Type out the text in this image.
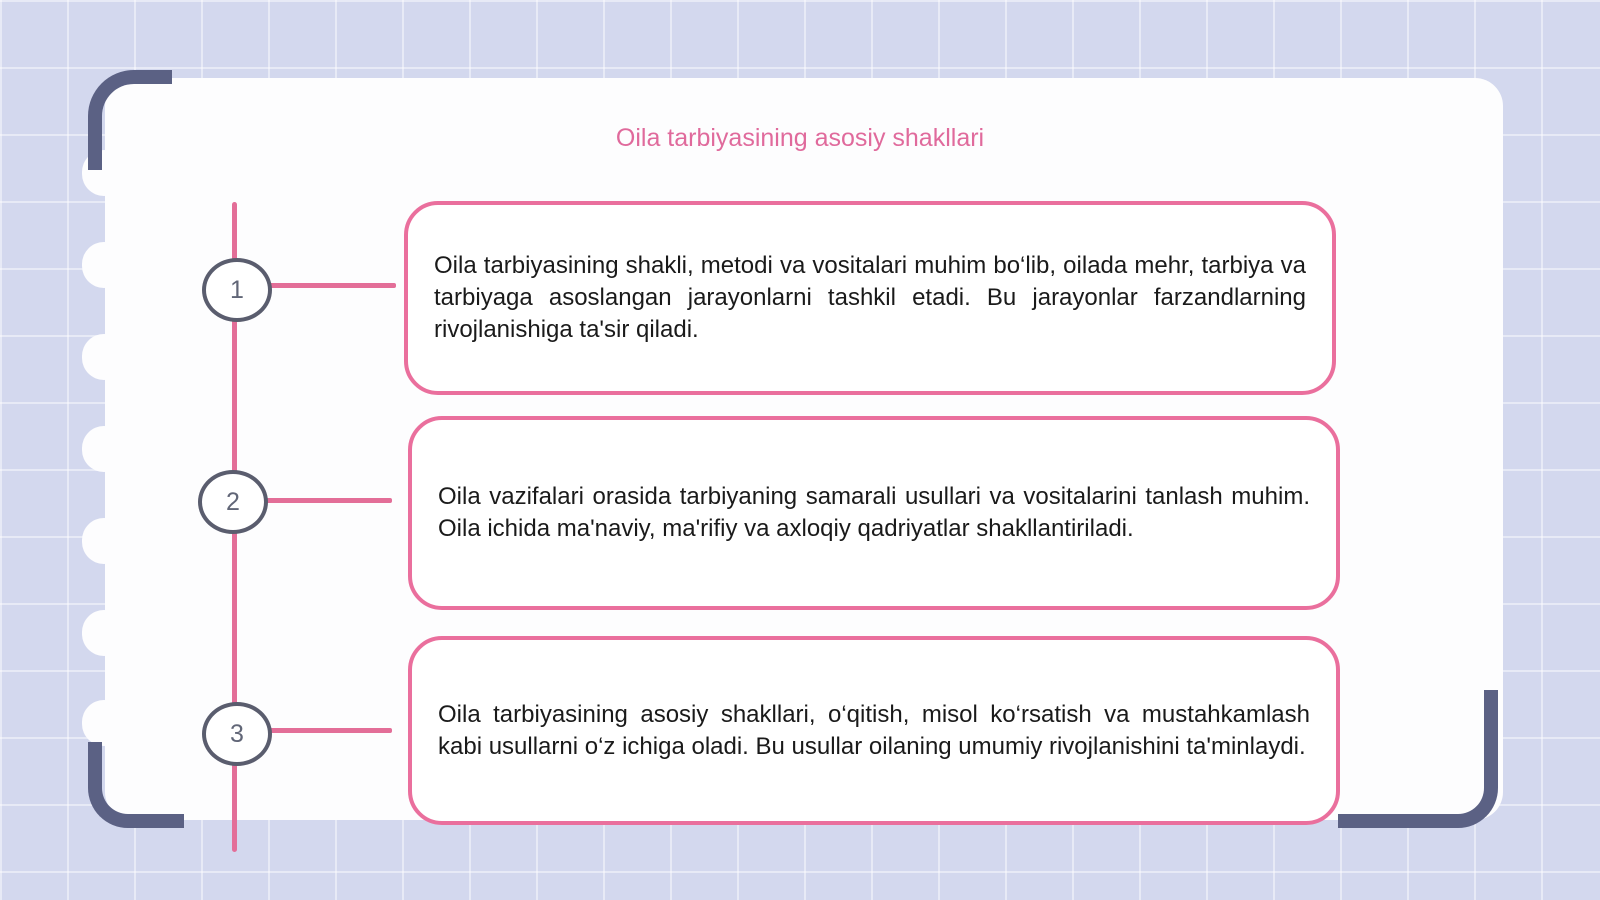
Oila tarbiyasining asosiy shakllari
1
2
3

Oila tarbiyasining shakli, metodi va vositalari muhim bo‘lib, oilada mehr, tarbiya va tarbiyaga asoslangan jarayonlarni tashkil etadi. Bu jarayonlar farzandlarning rivojlanishiga ta'sir qiladi.

Oila vazifalari orasida tarbiyaning samarali usullari va vositalarini tanlash muhim. Oila ichida ma'naviy, ma'rifiy va axloqiy qadriyatlar shakllantiriladi.

Oila tarbiyasining asosiy shakllari, o‘qitish, misol ko‘rsatish va mustahkamlash kabi usullarni o‘z ichiga oladi. Bu usullar oilaning umumiy rivojlanishini ta'minlaydi.
